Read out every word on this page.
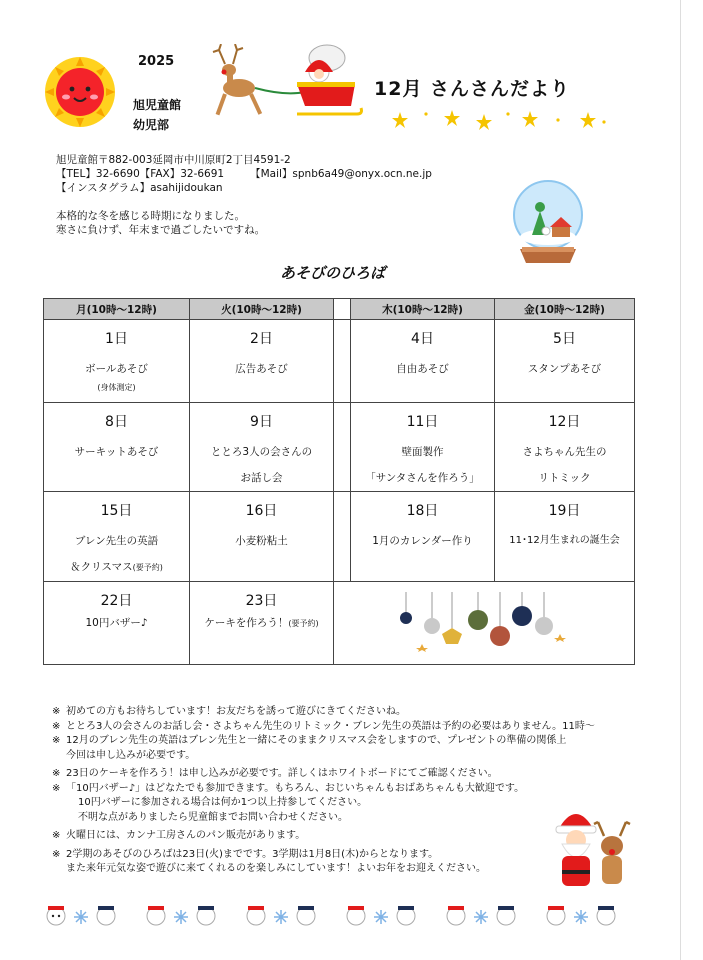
2025
旭児童館
幼児部
12月 さんさんだより
旭児童館〒882-003延岡市中川原町2丁目4591-2
【TEL】32-6690【FAX】32-6691 【Mail】spnb6a49@onyx.ocn.ne.jp
【インスタグラム】asahijidoukan
本格的な冬を感じる時期になりました。
寒さに負けず、年末まで過ごしたいですね。
あそびのひろば
月(10時～12時)	火(10時～12時)		木(10時～12時)	金(10時～12時)

1日
ボールあそび
(身体測定)	2日
広告あそび		4日
自由あそび	5日
スタンプあそび

8日
サーキットあそび	9日
ととろ3人の会さんの
お話し会		11日
壁面製作
「サンタさんを作ろう」	12日
さよちゃん先生の
リトミック

15日
ブレン先生の英語
＆クリスマス(要予約)	16日
小麦粉粘土		18日
1月のカレンダー作り	19日
11･12月生まれの誕生会

22日
10円バザー♪	23日
ケーキを作ろう！(要予約)

※ 初めての方もお待ちしています！お友だちを誘って遊びにきてくださいね。
※ ととろ3人の会さんのお話し会・さよちゃん先生のリトミック・ブレン先生の英語は予約の必要はありません。11時～
※ 12月のブレン先生の英語はブレン先生と一緒にそのままクリスマス会をしますので、プレゼントの準備の関係上
今回は申し込みが必要です。
※ 23日のケーキを作ろう！は申し込みが必要です。詳しくはホワイトボードにてご確認ください。
※ 「10円バザー♪」はどなたでも参加できます。もちろん、おじいちゃんもおばあちゃんも大歓迎です。
10円バザーに参加される場合は何か1つ以上持参してください。
不明な点がありましたら児童館までお問い合わせください。
※ 火曜日には、カンナ工房さんのパン販売があります。
※ 2学期のあそびのひろばは23日(火)までです。3学期は1月8日(木)からとなります。
また来年元気な姿で遊びに来てくれるのを楽しみにしています！よいお年をお迎えください。
